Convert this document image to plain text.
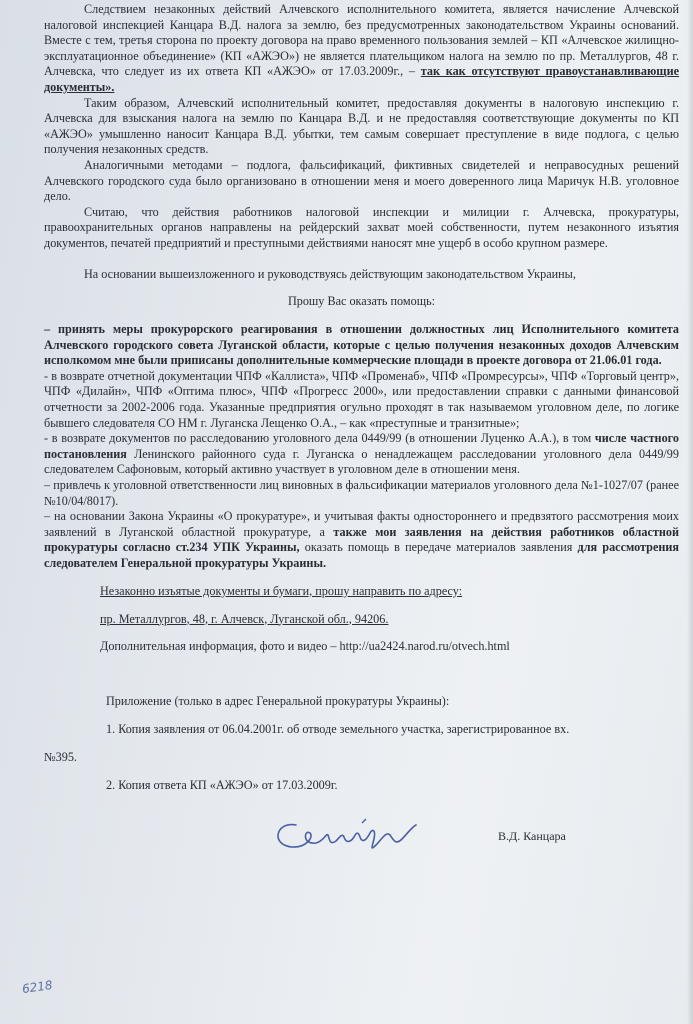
Следствием незаконных действий Алчевского исполнительного комитета, является начисление Алчевской налоговой инспекцией Канцара В.Д. налога за землю, без предусмотренных законодательством Украины оснований. Вместе с тем, третья сторона по проекту договора на право временного пользования землей – КП «Алчевское жилищно-эксплуатационное объединение» (КП «АЖЭО») не является плательщиком налога на землю по пр. Металлургов, 48 г. Алчевска, что следует из их ответа КП «АЖЭО» от 17.03.2009г., – так как отсутствуют правоустанавливающие документы».

Таким образом, Алчевский исполнительный комитет, предоставляя документы в налоговую инспекцию г. Алчевска для взыскания налога на землю по Канцара В.Д. и не предоставляя соответствующие документы по КП «АЖЭО» умышленно наносит Канцара В.Д. убытки, тем самым совершает преступление в виде подлога, с целью получения незаконных средств.

Аналогичными методами – подлога, фальсификаций, фиктивных свидетелей и неправосудных решений Алчевского городского суда было организовано в отношении меня и моего доверенного лица Маричук Н.В. уголовное дело.

Считаю, что действия работников налоговой инспекции и милиции г. Алчевска, прокуратуры, правоохранительных органов направлены на рейдерский захват моей собственности, путем незаконного изъятия документов, печатей предприятий и преступными действиями наносят мне ущерб в особо крупном размере.

На основании вышеизложенного и руководствуясь действующим законодательством Украины,

Прошу Вас оказать помощь:

– принять меры прокурорского реагирования в отношении должностных лиц Исполнительного комитета Алчевского городского совета Луганской области, которые с целью получения незаконных доходов Алчевским исполкомом мне были приписаны дополнительные коммерческие площади в проекте договора от 21.06.01 года.

- в возврате отчетной документации ЧПФ «Каллиста», ЧПФ «Променаб», ЧПФ «Промресурсы», ЧПФ «Торговый центр», ЧПФ «Дилайн», ЧПФ «Оптима плюс», ЧПФ «Прогресс 2000», или предоставлении справки с данными финансовой отчетности за 2002-2006 года. Указанные предприятия огульно проходят в так называемом уголовном деле, по логике бывшего следователя СО НМ г. Луганска Лещенко О.А., – как «преступные и транзитные»;

- в возврате документов по расследованию уголовного дела 0449/99 (в отношении Луценко А.А.), в том числе частного постановления Ленинского районного суда г. Луганска о ненадлежащем расследовании уголовного дела 0449/99 следователем Сафоновым, который активно участвует в уголовном деле в отношении меня.

– привлечь к уголовной ответственности лиц виновных в фальсификации материалов уголовного дела №1-1027/07 (ранее №10/04/8017).

– на основании Закона Украины «О прокуратуре», и учитывая факты одностороннего и предвзятого рассмотрения моих заявлений в Луганской областной прокуратуре, а также мои заявления на действия работников областной прокуратуры согласно ст.234 УПК Украины, оказать помощь в передаче материалов заявления для рассмотрения следователем Генеральной прокуратуры Украины.

Незаконно изъятые документы и бумаги, прошу направить по адресу:

пр. Металлургов, 48, г. Алчевск, Луганской обл., 94206.

Дополнительная информация, фото и видео – http://ua2424.narod.ru/otvech.html

Приложение (только в адрес Генеральной прокуратуры Украины):

1. Копия заявления от 06.04.2001г. об отводе земельного участка, зарегистрированное вх.

№395.

2. Копия ответа КП «АЖЭО» от 17.03.2009г.

В.Д. Канцара
6218
